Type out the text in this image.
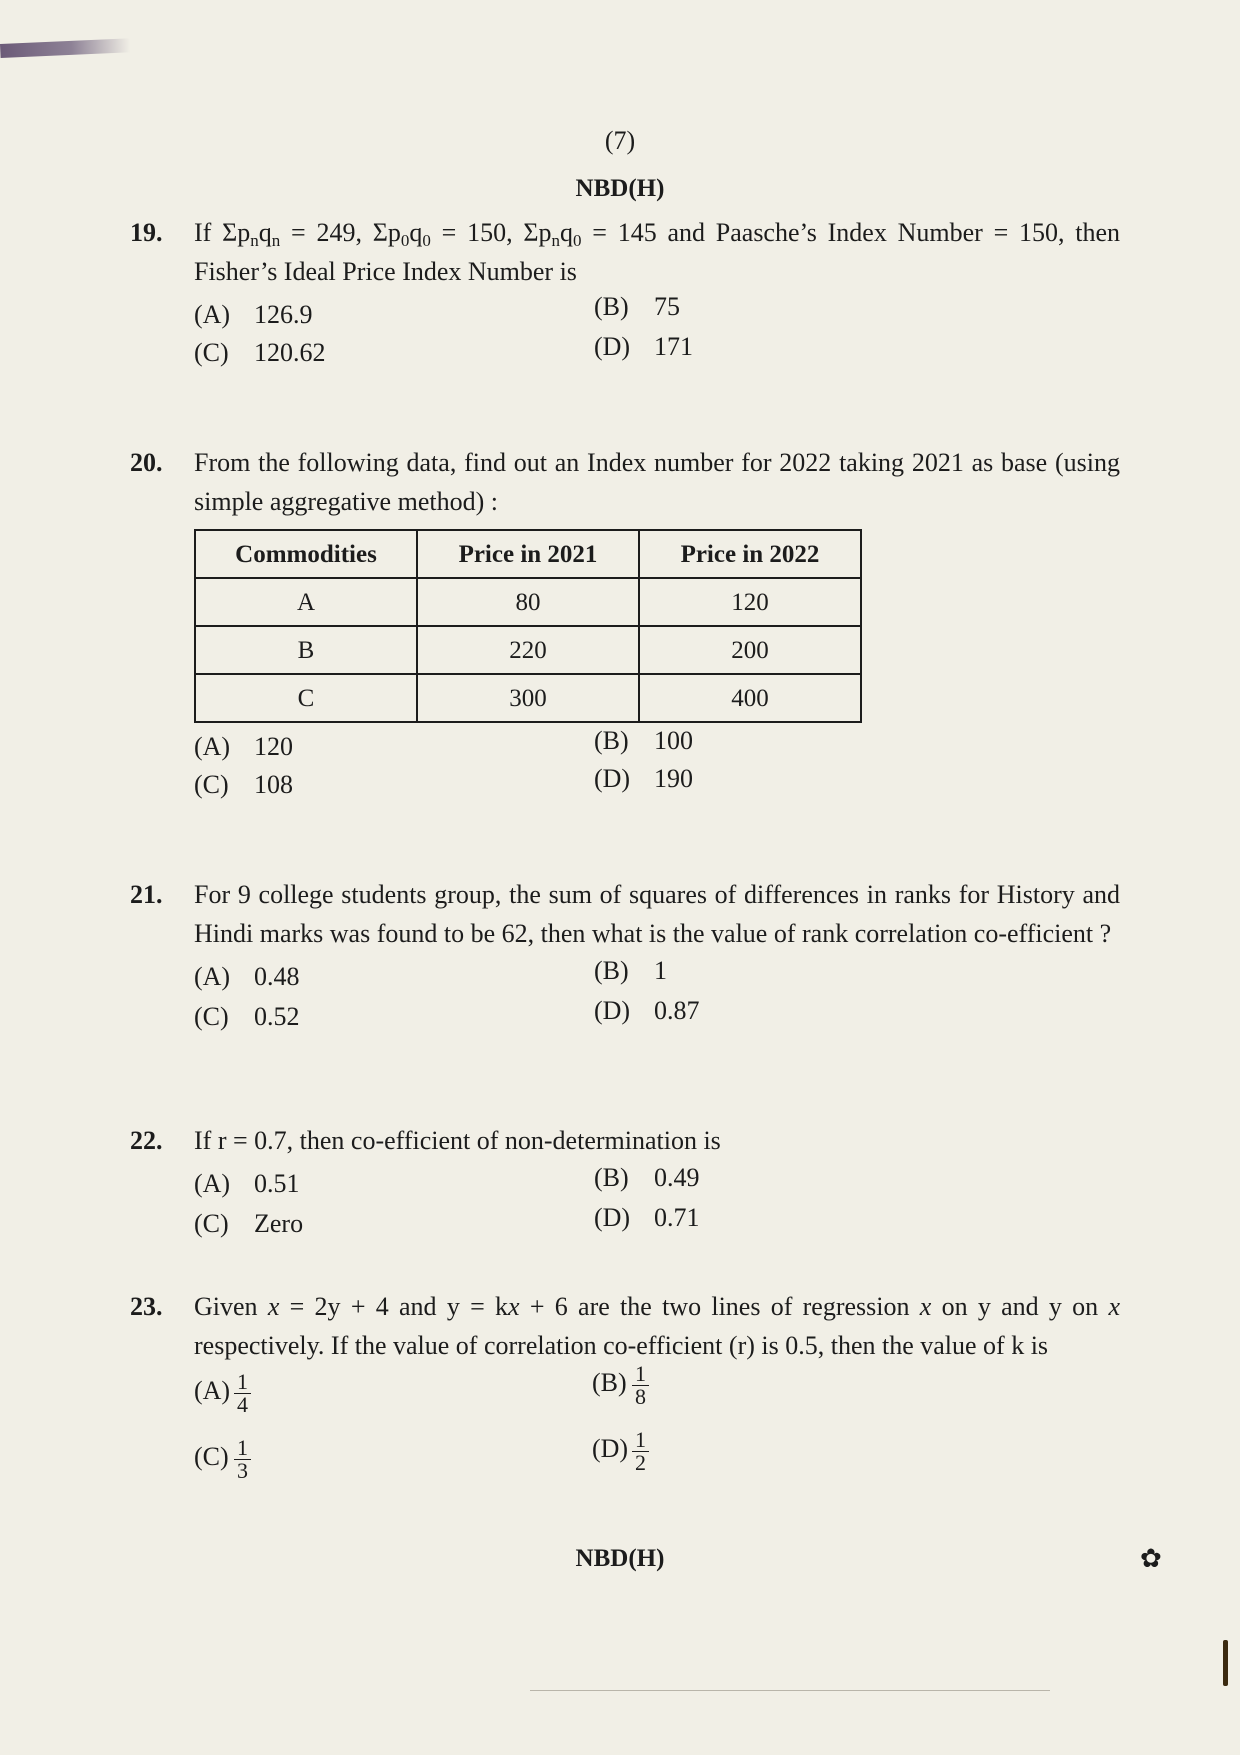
(7)
NBD(H)
19. If $\Sigma p_nq_n = 249$, $\Sigma p_0q_0 = 150$, $\Sigma p_nq_0 = 145$ and Paasche’s Index Number = 150, then Fisher’s Ideal Price Index Number is
(A) 126.9	(B) 75
(C) 120.62	(D) 171
20. From the following data, find out an Index number for 2022 taking 2021 as base (using simple aggregative method) :
Commodities	Price in 2021	Price in 2022
A	80	120
B	220	200
C	300	400
(A) 120	(B) 100
(C) 108	(D) 190
21. For 9 college students group, the sum of squares of differences in ranks for History and Hindi marks was found to be 62, then what is the value of rank correlation co-efficient ?
(A) 0.48	(B) 1
(C) 0.52	(D) 0.87
22. If r = 0.7, then co-efficient of non-determination is
(A) 0.51	(B) 0.49
(C) Zero	(D) 0.71
23. Given x = 2y + 4 and y = kx + 6 are the two lines of regression x on y and y on x respectively. If the value of correlation co-efficient (r) is 0.5, then the value of k is
$(A) \frac{1}{4}$	$(B) \frac{1}{8}$
$(C) \frac{1}{3}$	$(D) \frac{1}{2}$
NBD(H)	✿
